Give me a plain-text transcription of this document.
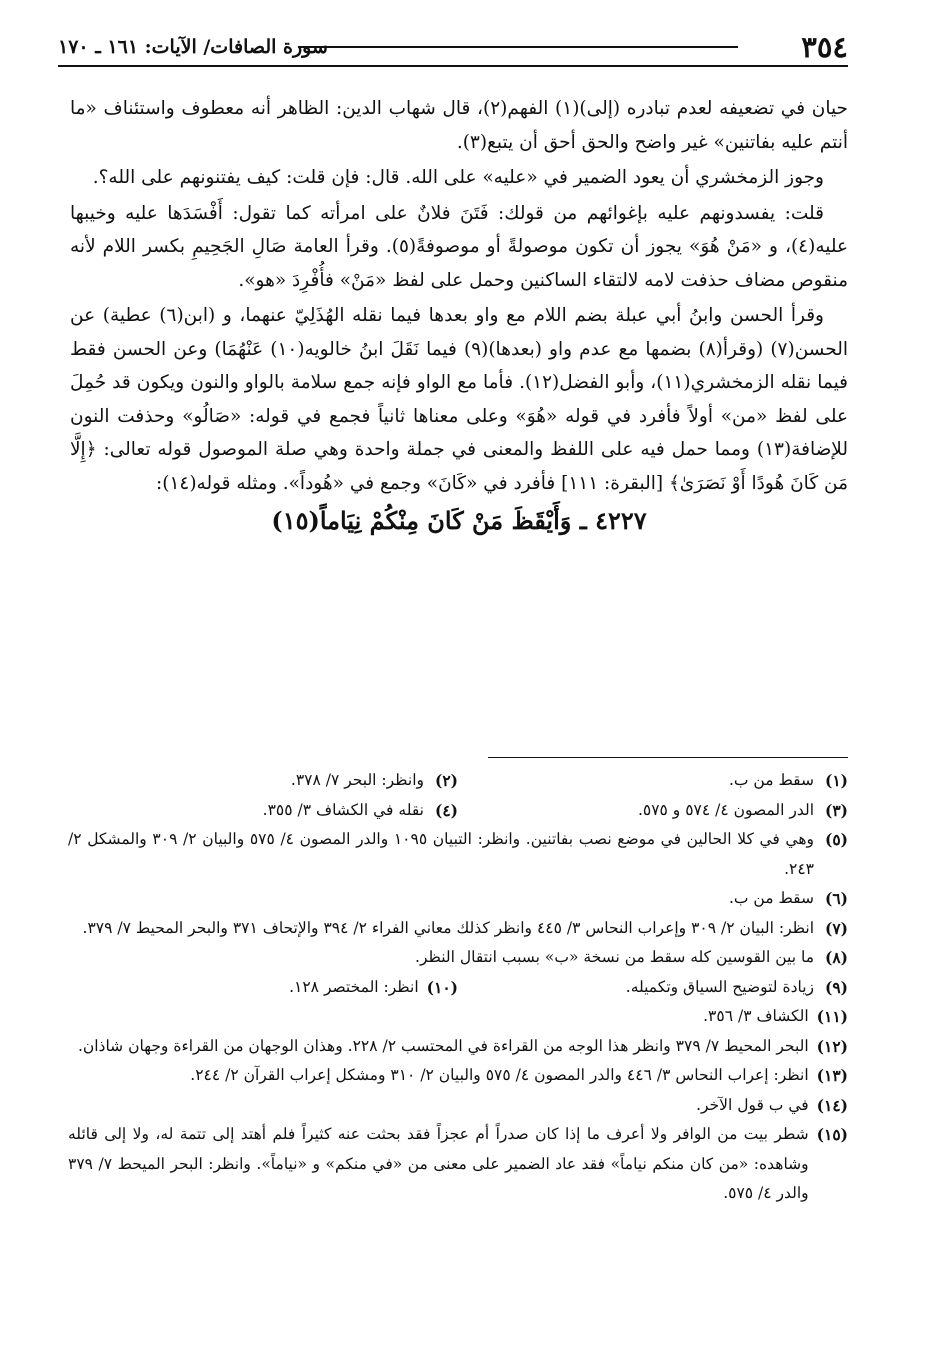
٣٥٤
سورة الصافات/ الآيات: ١٦١ ـ ١٧٠

حيان في تضعيفه لعدم تبادره (إلى)(١) الفهم(٢)، قال شهاب الدين: الظاهر أنه معطوف واستئناف «ما أنتم عليه بفاتنين» غير واضح والحق أحق أن يتبع(٣).

وجوز الزمخشري أن يعود الضمير في «عليه» على الله. قال: فإن قلت: كيف يفتنونهم على الله؟.

قلت: يفسدونهم عليه بإغوائهم من قولك: فَتَنَ فلانٌ على امرأته كما تقول: أَفْسَدَها عليه وخيبها عليه(٤)، و «مَنْ هُوَ» يجوز أن تكون موصولةً أو موصوفةً(٥). وقرأ العامة صَالِ الجَحِيمِ بكسر اللام لأنه منقوص مضاف حذفت لامه لالتقاء الساكنين وحمل على لفظ «مَنْ» فأُفْرِدَ «هو».

وقرأ الحسن وابنُ أبي عبلة بضم اللام مع واو بعدها فيما نقله الهُذَلِيّ عنهما، و (ابن(٦) عطية) عن الحسن(٧) (وقرأ(٨) بضمها مع عدم واو (بعدها)(٩) فيما نَقَلَ ابنُ خالويه(١٠) عَنْهُمَا) وعن الحسن فقط فيما نقله الزمخشري(١١)، وأبو الفضل(١٢). فأما مع الواو فإنه جمع سلامة بالواو والنون ويكون قد حُمِلَ على لفظ «من» أولاً فأفرد في قوله «هُوَ» وعلى معناها ثانياً فجمع في قوله: «صَالُو» وحذفت النون للإضافة(١٣) ومما حمل فيه على اللفظ والمعنى في جملة واحدة وهي صلة الموصول قوله تعالى: ﴿إِلَّا مَن كَانَ هُودًا أَوْ نَصَرَىٰ﴾ [البقرة: ١١١] فأفرد في «كَانَ» وجمع في «هُوداً». ومثله قوله(١٤):

٤٢٢٧ ـ وَأَيْقَظَ مَنْ كَانَ مِنْكُمْ نِيَاماً(١٥)

(١)
سقط من ب.

(٢)
وانظر: البحر ٧/ ٣٧٨.

(٣)
الدر المصون ٤/ ٥٧٤ و ٥٧٥.

(٤)
نقله في الكشاف ٣/ ٣٥٥.

(٥)
وهي في كلا الحالين في موضع نصب بفاتنين. وانظر: التبيان ١٠٩٥ والدر المصون ٤/ ٥٧٥ والبيان ٢/ ٣٠٩ والمشكل ٢/ ٢٤٣.

(٦)
سقط من ب.

(٧)
انظر: البيان ٢/ ٣٠٩ وإعراب النحاس ٣/ ٤٤٥ وانظر كذلك معاني الفراء ٢/ ٣٩٤ والإتحاف ٣٧١ والبحر المحيط ٧/ ٣٧٩.

(٨)
ما بين القوسين كله سقط من نسخة «ب» بسبب انتقال النظر.

(٩)
زيادة لتوضيح السياق وتكميله.

(١٠)
انظر: المختصر ١٢٨.

(١١)
الكشاف ٣/ ٣٥٦.

(١٢)
البحر المحيط ٧/ ٣٧٩ وانظر هذا الوجه من القراءة في المحتسب ٢/ ٢٢٨. وهذان الوجهان من القراءة وجهان شاذان.

(١٣)
انظر: إعراب النحاس ٣/ ٤٤٦ والدر المصون ٤/ ٥٧٥ والبيان ٢/ ٣١٠ ومشكل إعراب القرآن ٢/ ٢٤٤.

(١٤)
في ب قول الآخر.

(١٥)
شطر بيت من الوافر ولا أعرف ما إذا كان صدراً أم عجزاً فقد بحثت عنه كثيراً فلم أهتد إلى تتمة له، ولا إلى قائله وشاهده: «من كان منكم نياماً» فقد عاد الضمير على معنى من «في منكم» و «نياماً». وانظر: البحر الميحط ٧/ ٣٧٩ والدر ٤/ ٥٧٥.
